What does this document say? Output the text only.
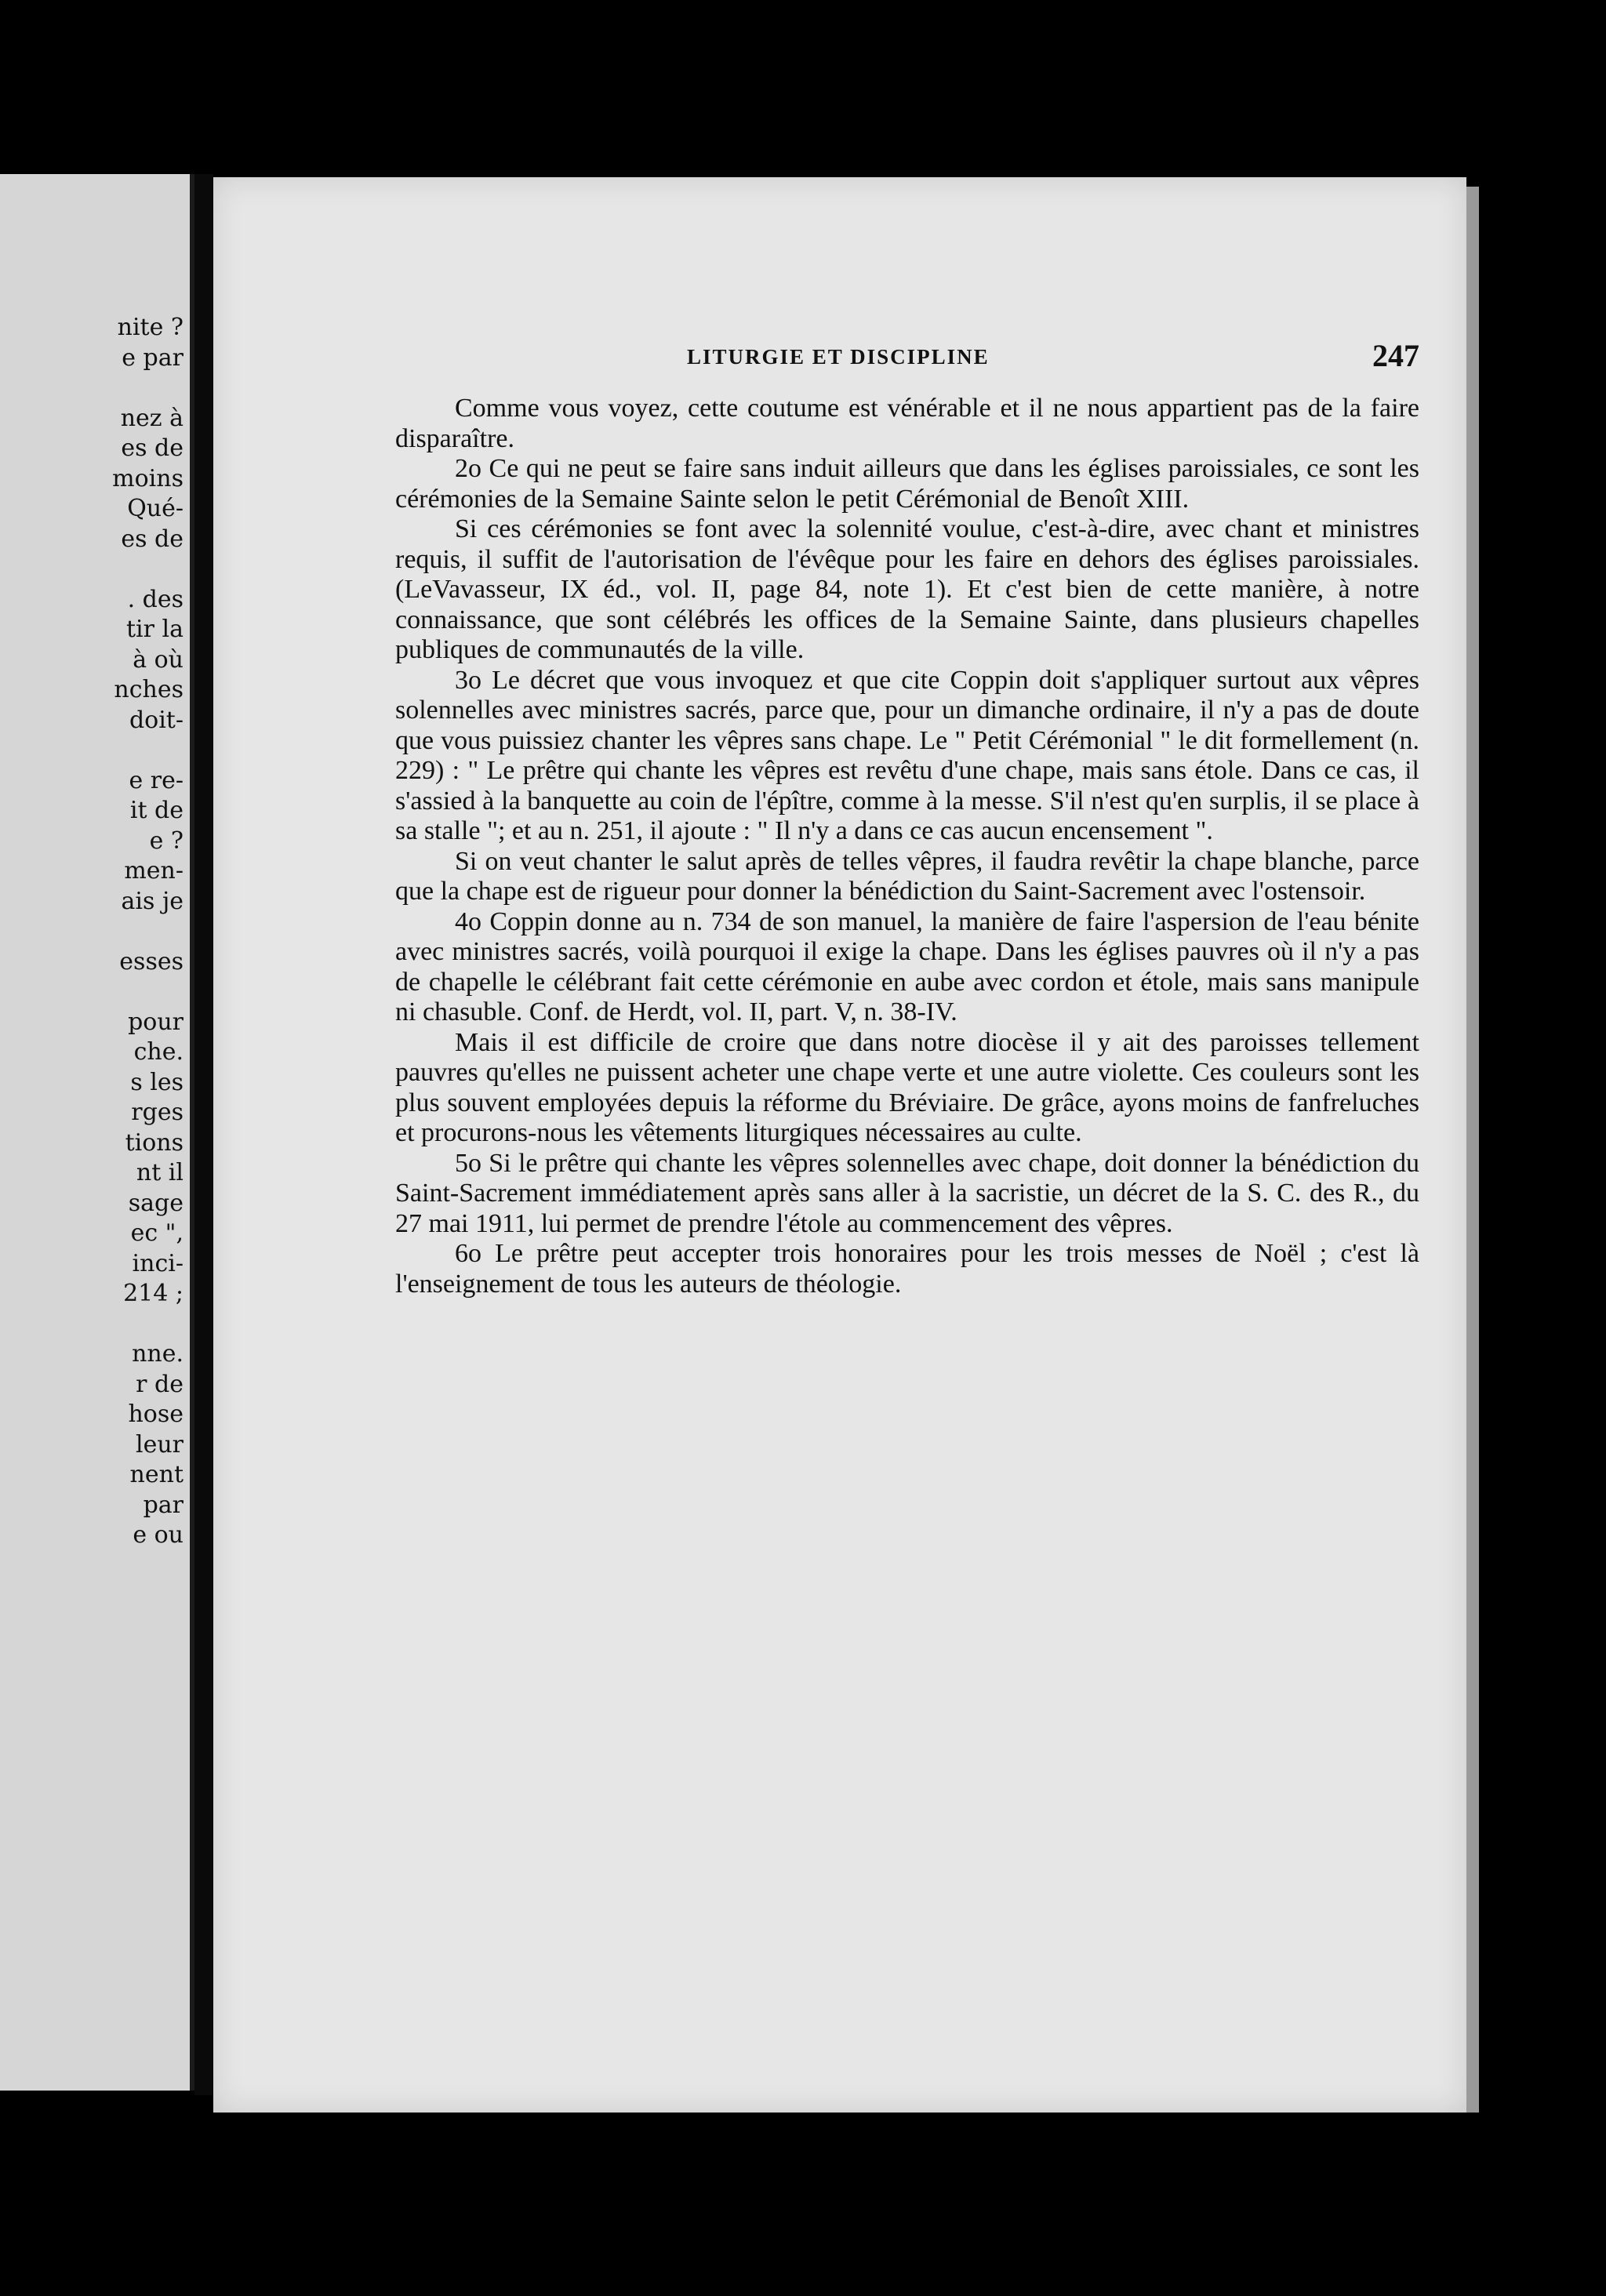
nite ?
e par
nez à
es de
moins
Qué-
es de
. des
tir la
à où
nches
doit-
e re-
it de
e ?
men-
ais je
esses
pour
che.
s les
rges
tions
nt il
sage
ec ",
inci-
214 ;
nne.
r de
hose
leur
nent
par
e ou
LITURGIE ET DISCIPLINE	247

Comme vous voyez, cette coutume est vénérable et il ne nous appartient pas de la faire disparaître.

2o Ce qui ne peut se faire sans induit ailleurs que dans les églises paroissiales, ce sont les cérémonies de la Semaine Sainte selon le petit Cérémonial de Benoît XIII.

Si ces cérémonies se font avec la solennité voulue, c'est-à-dire, avec chant et ministres requis, il suffit de l'autorisation de l'évêque pour les faire en dehors des églises paroissiales. (LeVavasseur, IX éd., vol. II, page 84, note 1). Et c'est bien de cette manière, à notre connaissance, que sont célébrés les offices de la Semaine Sainte, dans plusieurs chapelles publiques de communautés de la ville.

3o Le décret que vous invoquez et que cite Coppin doit s'appliquer surtout aux vêpres solennelles avec ministres sacrés, parce que, pour un dimanche ordinaire, il n'y a pas de doute que vous puissiez chanter les vêpres sans chape. Le " Petit Cérémonial " le dit formellement (n. 229) : " Le prêtre qui chante les vêpres est revêtu d'une chape, mais sans étole. Dans ce cas, il s'assied à la banquette au coin de l'épître, comme à la messe. S'il n'est qu'en surplis, il se place à sa stalle "; et au n. 251, il ajoute : " Il n'y a dans ce cas aucun encensement ".

Si on veut chanter le salut après de telles vêpres, il faudra revêtir la chape blanche, parce que la chape est de rigueur pour donner la bénédiction du Saint-Sacrement avec l'ostensoir.

4o Coppin donne au n. 734 de son manuel, la manière de faire l'aspersion de l'eau bénite avec ministres sacrés, voilà pourquoi il exige la chape. Dans les églises pauvres où il n'y a pas de chapelle le célébrant fait cette cérémonie en aube avec cordon et étole, mais sans manipule ni chasuble. Conf. de Herdt, vol. II, part. V, n. 38-IV.

Mais il est difficile de croire que dans notre diocèse il y ait des paroisses tellement pauvres qu'elles ne puissent acheter une chape verte et une autre violette. Ces couleurs sont les plus souvent employées depuis la réforme du Bréviaire. De grâce, ayons moins de fanfreluches et procurons-nous les vêtements liturgiques nécessaires au culte.

5o Si le prêtre qui chante les vêpres solennelles avec chape, doit donner la bénédiction du Saint-Sacrement immédiatement après sans aller à la sacristie, un décret de la S. C. des R., du 27 mai 1911, lui permet de prendre l'étole au commencement des vêpres.

6o Le prêtre peut accepter trois honoraires pour les trois messes de Noël ; c'est là l'enseignement de tous les auteurs de théologie.
